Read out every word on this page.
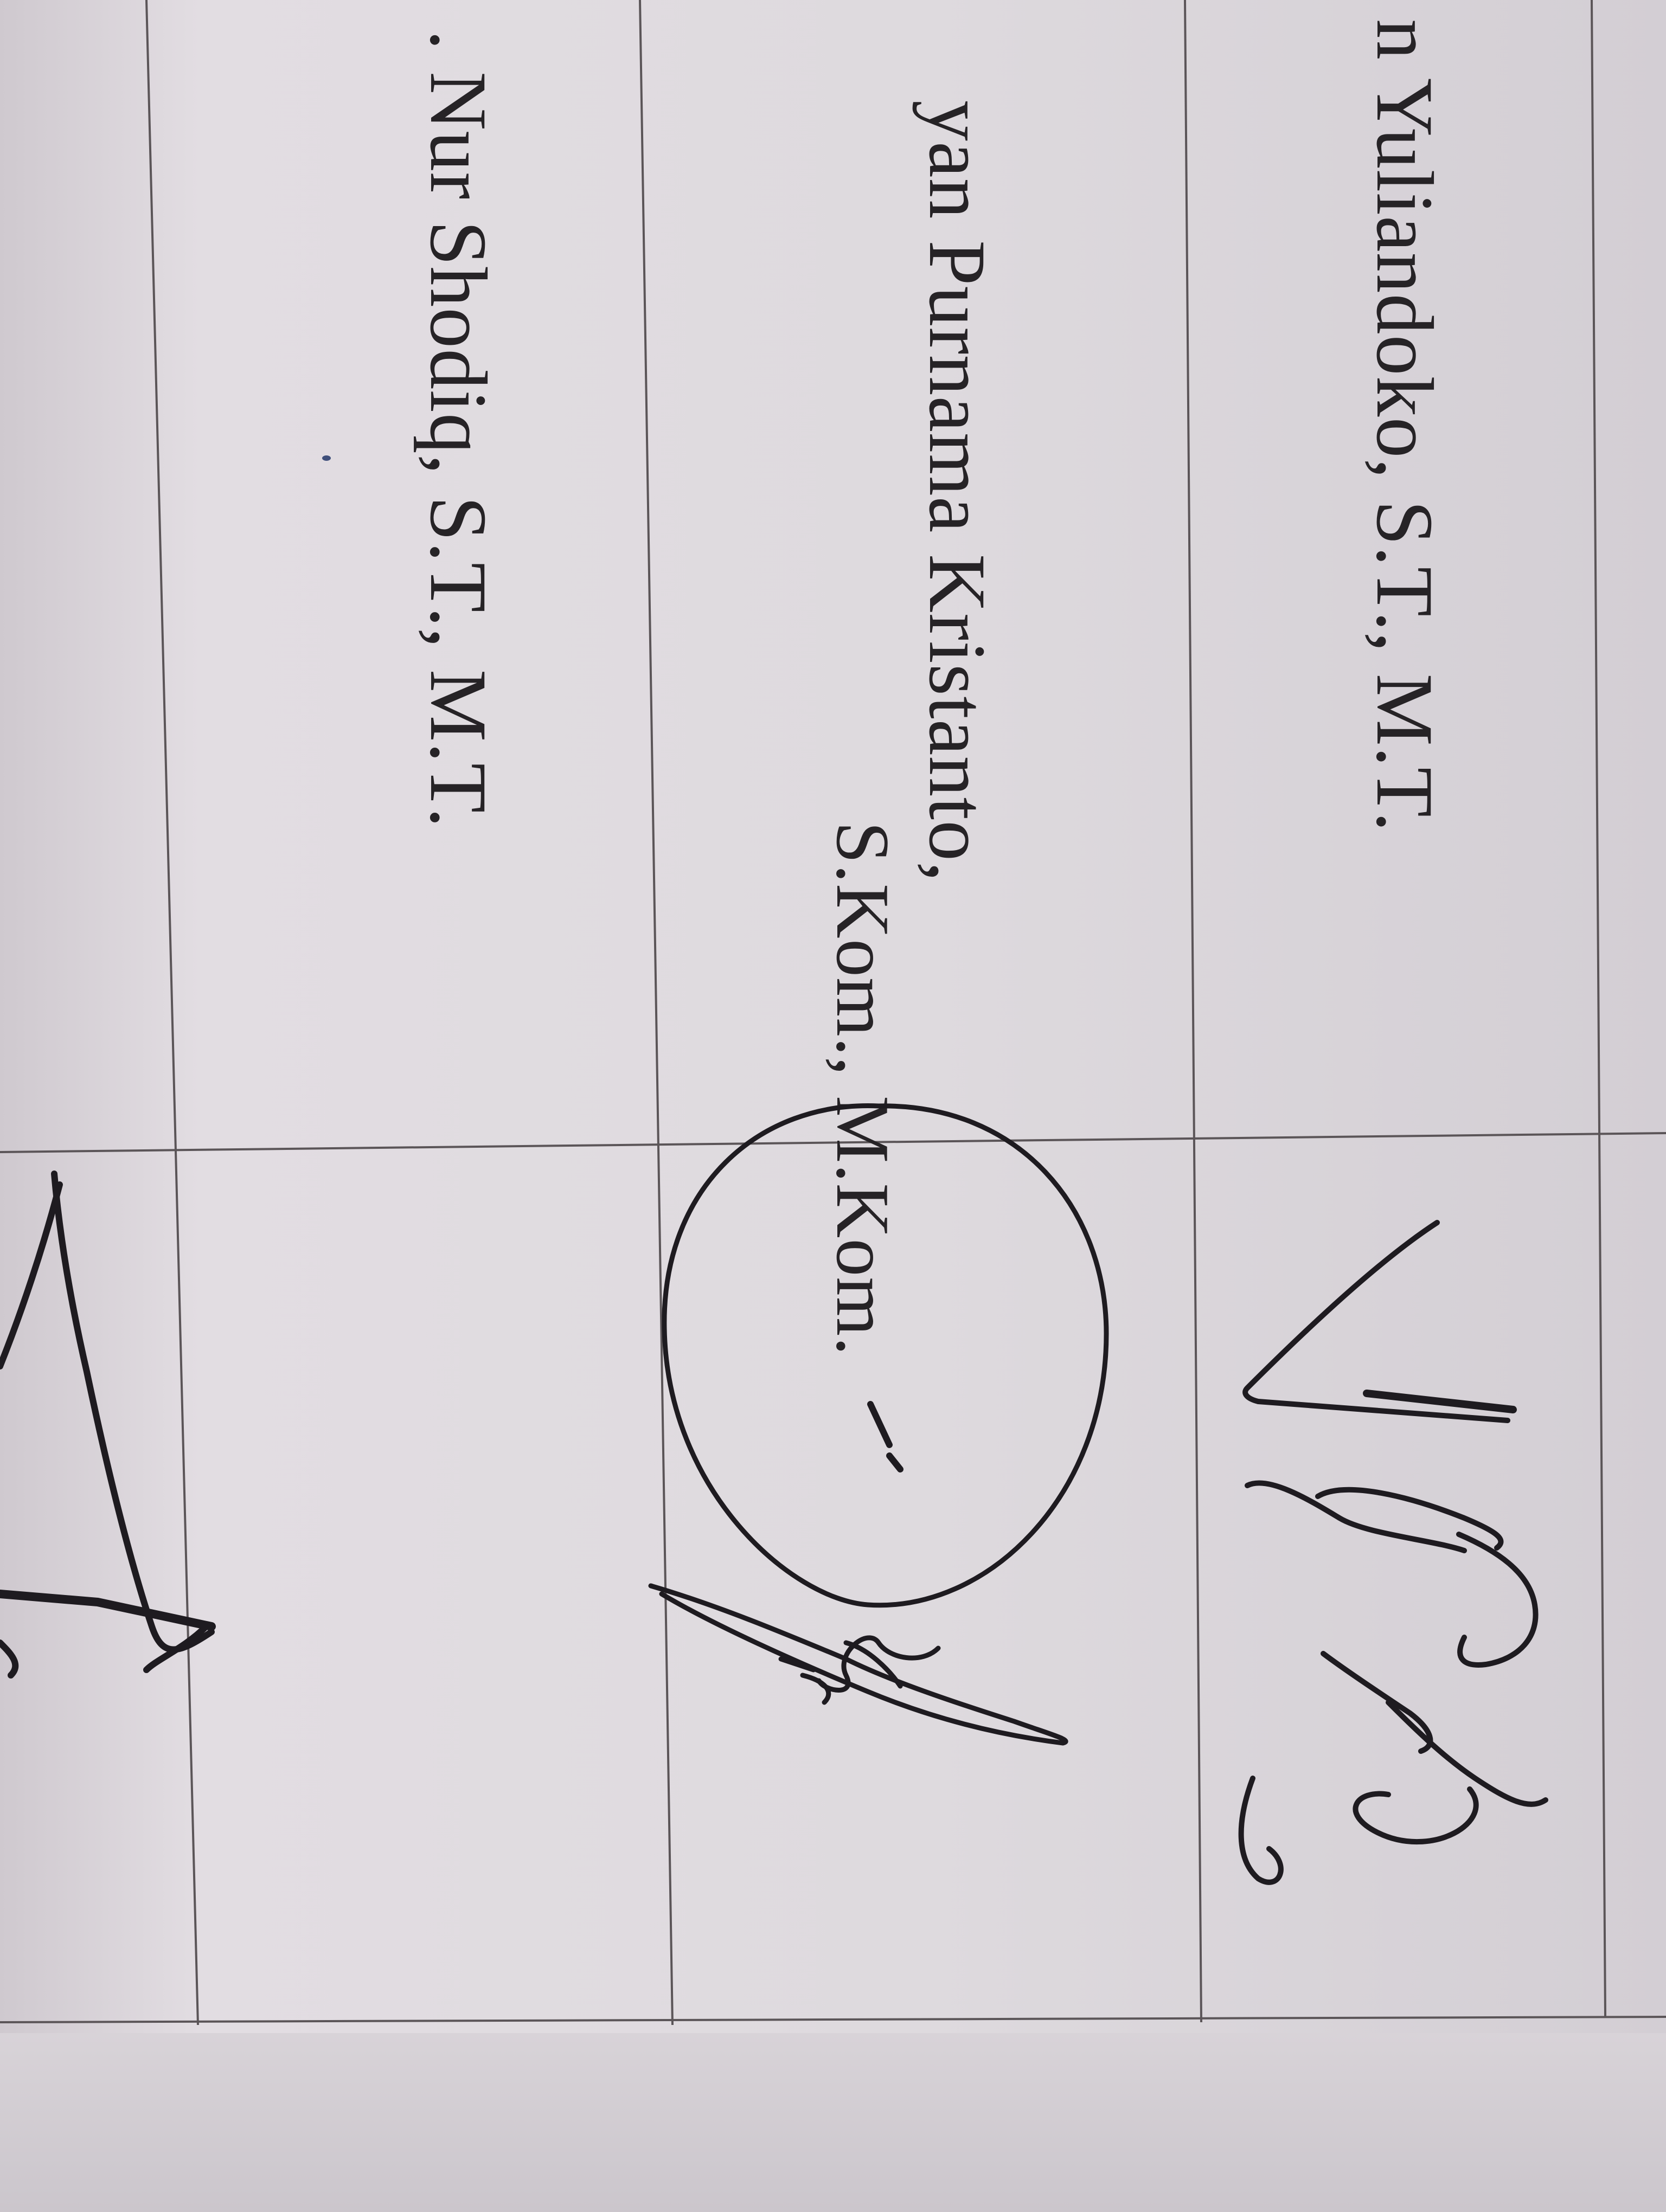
n Yuliandoko, S.T., M.T.
yan Purnama Kristanto,
S.Kom., M.Kom.
. Nur Shodiq, S.T., M.T.
